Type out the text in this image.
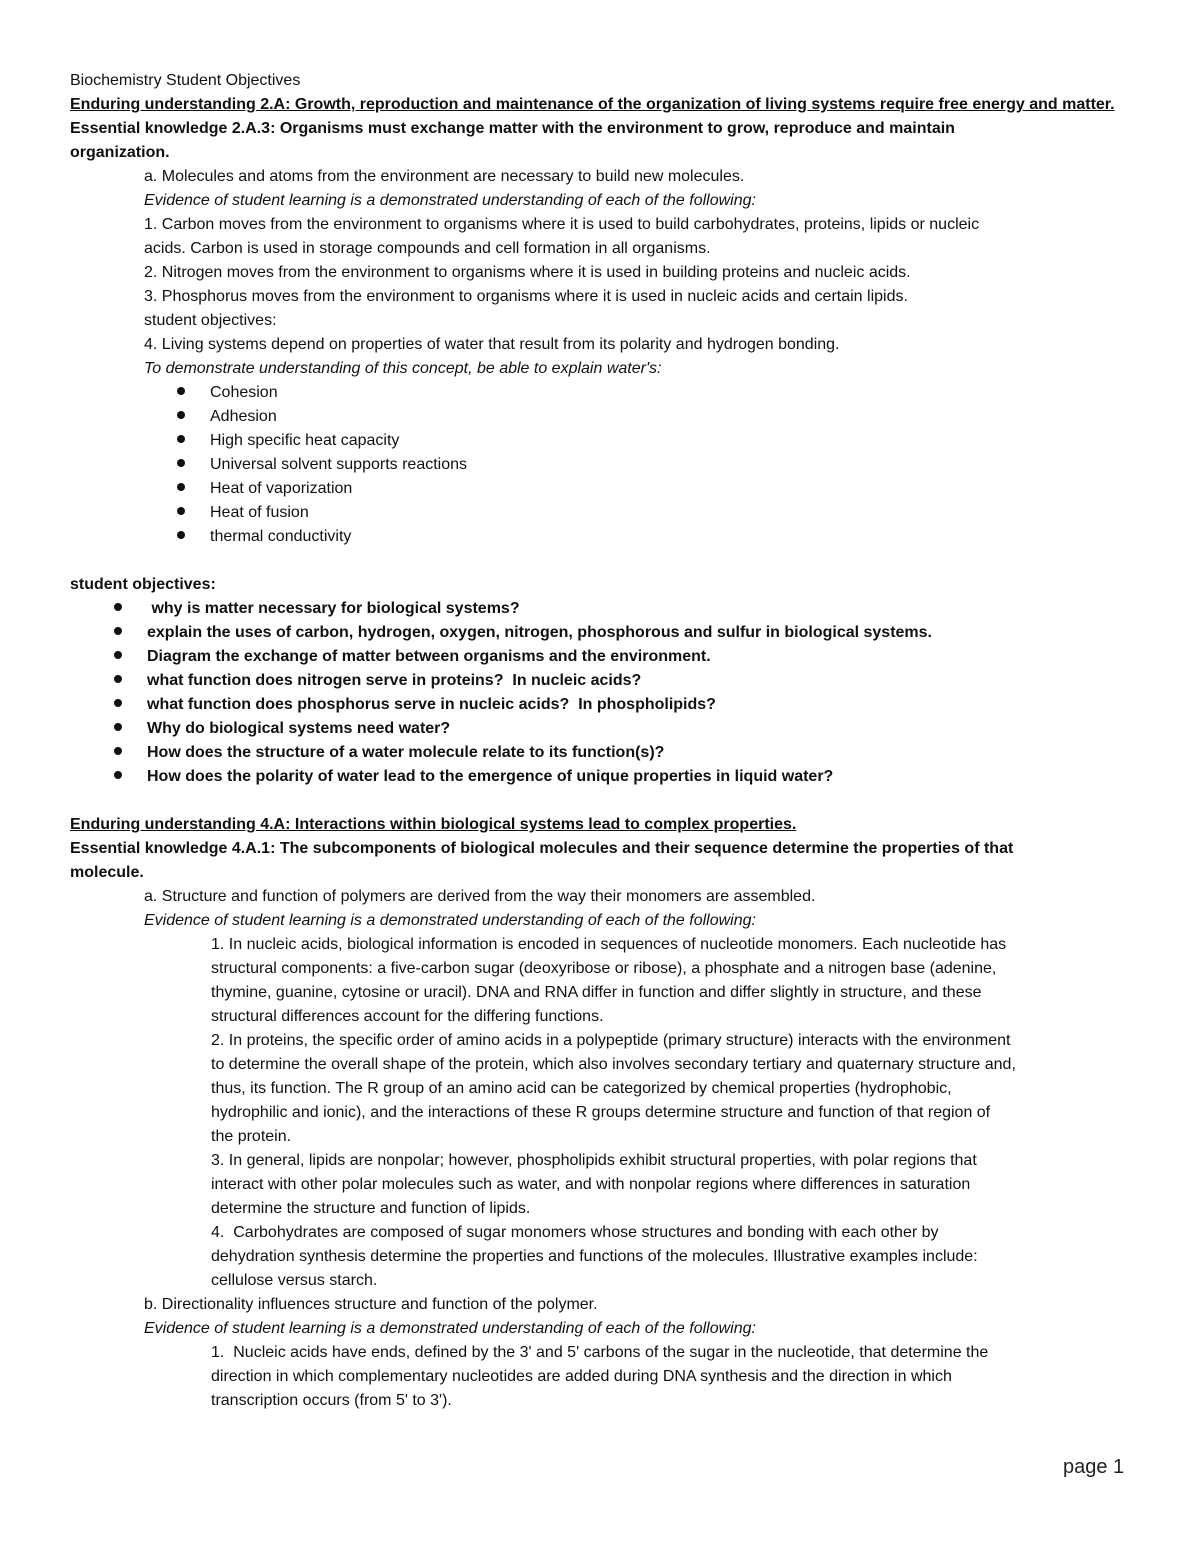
Biochemistry Student Objectives
Enduring understanding 2.A: Growth, reproduction and maintenance of the organization of living systems require free energy and matter.
Essential knowledge 2.A.3: Organisms must exchange matter with the environment to grow, reproduce and maintain
organization.
a. Molecules and atoms from the environment are necessary to build new molecules.
Evidence of student learning is a demonstrated understanding of each of the following:
1. Carbon moves from the environment to organisms where it is used to build carbohydrates, proteins, lipids or nucleic
acids. Carbon is used in storage compounds and cell formation in all organisms.
2. Nitrogen moves from the environment to organisms where it is used in building proteins and nucleic acids.
3. Phosphorus moves from the environment to organisms where it is used in nucleic acids and certain lipids.
student objectives:
4. Living systems depend on properties of water that result from its polarity and hydrogen bonding.
To demonstrate understanding of this concept, be able to explain water's:
Cohesion
Adhesion
High specific heat capacity
Universal solvent supports reactions
Heat of vaporization
Heat of fusion
thermal conductivity
student objectives:
why is matter necessary for biological systems?
explain the uses of carbon, hydrogen, oxygen, nitrogen, phosphorous and sulfur in biological systems.
Diagram the exchange of matter between organisms and the environment.
what function does nitrogen serve in proteins?  In nucleic acids?
what function does phosphorus serve in nucleic acids?  In phospholipids?
Why do biological systems need water?
How does the structure of a water molecule relate to its function(s)?
How does the polarity of water lead to the emergence of unique properties in liquid water?
Enduring understanding 4.A: Interactions within biological systems lead to complex properties.
Essential knowledge 4.A.1: The subcomponents of biological molecules and their sequence determine the properties of that
molecule.
a. Structure and function of polymers are derived from the way their monomers are assembled.
Evidence of student learning is a demonstrated understanding of each of the following:
1. In nucleic acids, biological information is encoded in sequences of nucleotide monomers. Each nucleotide has
structural components: a five-carbon sugar (deoxyribose or ribose), a phosphate and a nitrogen base (adenine,
thymine, guanine, cytosine or uracil). DNA and RNA differ in function and differ slightly in structure, and these
structural differences account for the differing functions.
2. In proteins, the specific order of amino acids in a polypeptide (primary structure) interacts with the environment
to determine the overall shape of the protein, which also involves secondary tertiary and quaternary structure and,
thus, its function. The R group of an amino acid can be categorized by chemical properties (hydrophobic,
hydrophilic and ionic), and the interactions of these R groups determine structure and function of that region of
the protein.
3. In general, lipids are nonpolar; however, phospholipids exhibit structural properties, with polar regions that
interact with other polar molecules such as water, and with nonpolar regions where differences in saturation
determine the structure and function of lipids.
4.  Carbohydrates are composed of sugar monomers whose structures and bonding with each other by
dehydration synthesis determine the properties and functions of the molecules. Illustrative examples include:
cellulose versus starch.
b. Directionality influences structure and function of the polymer.
Evidence of student learning is a demonstrated understanding of each of the following:
1.  Nucleic acids have ends, defined by the 3' and 5' carbons of the sugar in the nucleotide, that determine the
direction in which complementary nucleotides are added during DNA synthesis and the direction in which
transcription occurs (from 5' to 3').
page 1
